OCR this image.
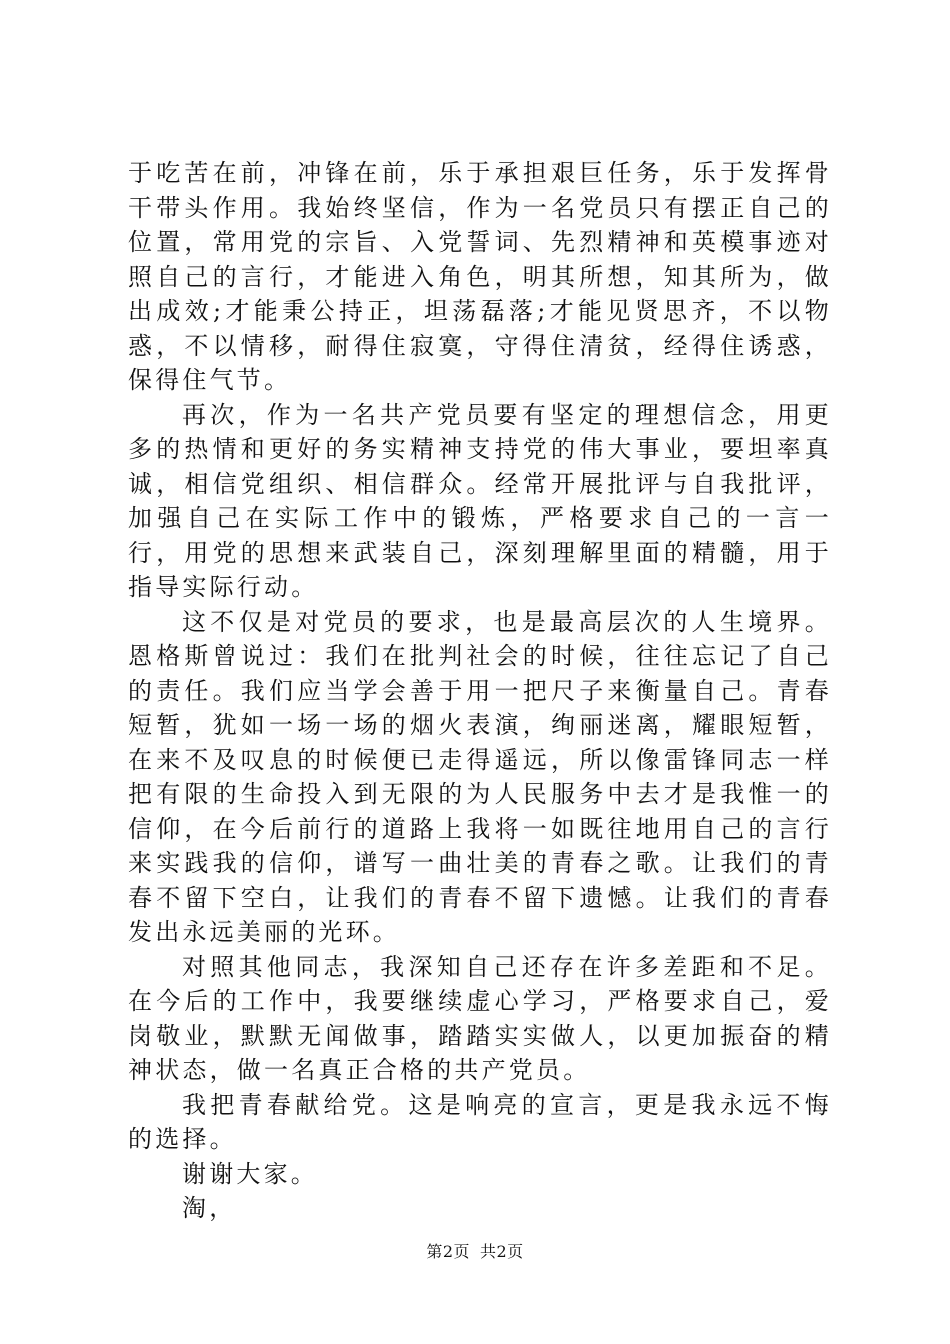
于吃苦在前，冲锋在前，乐于承担艰巨任务，乐于发挥骨干带头作用。我始终坚信，作为一名党员只有摆正自己的位置，常用党的宗旨、入党誓词、先烈精神和英模事迹对照自己的言行，才能进入角色，明其所想，知其所为，做出成效;才能秉公持正，坦荡磊落;才能见贤思齐，不以物惑，不以情移，耐得住寂寞，守得住清贫，经得住诱惑，保得住气节。

再次，作为一名共产党员要有坚定的理想信念，用更多的热情和更好的务实精神支持党的伟大事业，要坦率真诚，相信党组织、相信群众。经常开展批评与自我批评，加强自己在实际工作中的锻炼，严格要求自己的一言一行，用党的思想来武装自己，深刻理解里面的精髓，用于指导实际行动。

这不仅是对党员的要求，也是最高层次的人生境界。恩格斯曾说过：我们在批判社会的时候，往往忘记了自己的责任。我们应当学会善于用一把尺子来衡量自己。青春短暂，犹如一场一场的烟火表演，绚丽迷离，耀眼短暂，在来不及叹息的时候便已走得遥远，所以像雷锋同志一样把有限的生命投入到无限的为人民服务中去才是我惟一的信仰，在今后前行的道路上我将一如既往地用自己的言行来实践我的信仰，谱写一曲壮美的青春之歌。让我们的青春不留下空白，让我们的青春不留下遗憾。让我们的青春发出永远美丽的光环。

对照其他同志，我深知自己还存在许多差距和不足。在今后的工作中，我要继续虚心学习，严格要求自己，爱岗敬业，默默无闻做事，踏踏实实做人，以更加振奋的精神状态，做一名真正合格的共产党员。

我把青春献给党。这是响亮的宣言，更是我永远不悔的选择。

谢谢大家。

淘，

第2页 共2页
